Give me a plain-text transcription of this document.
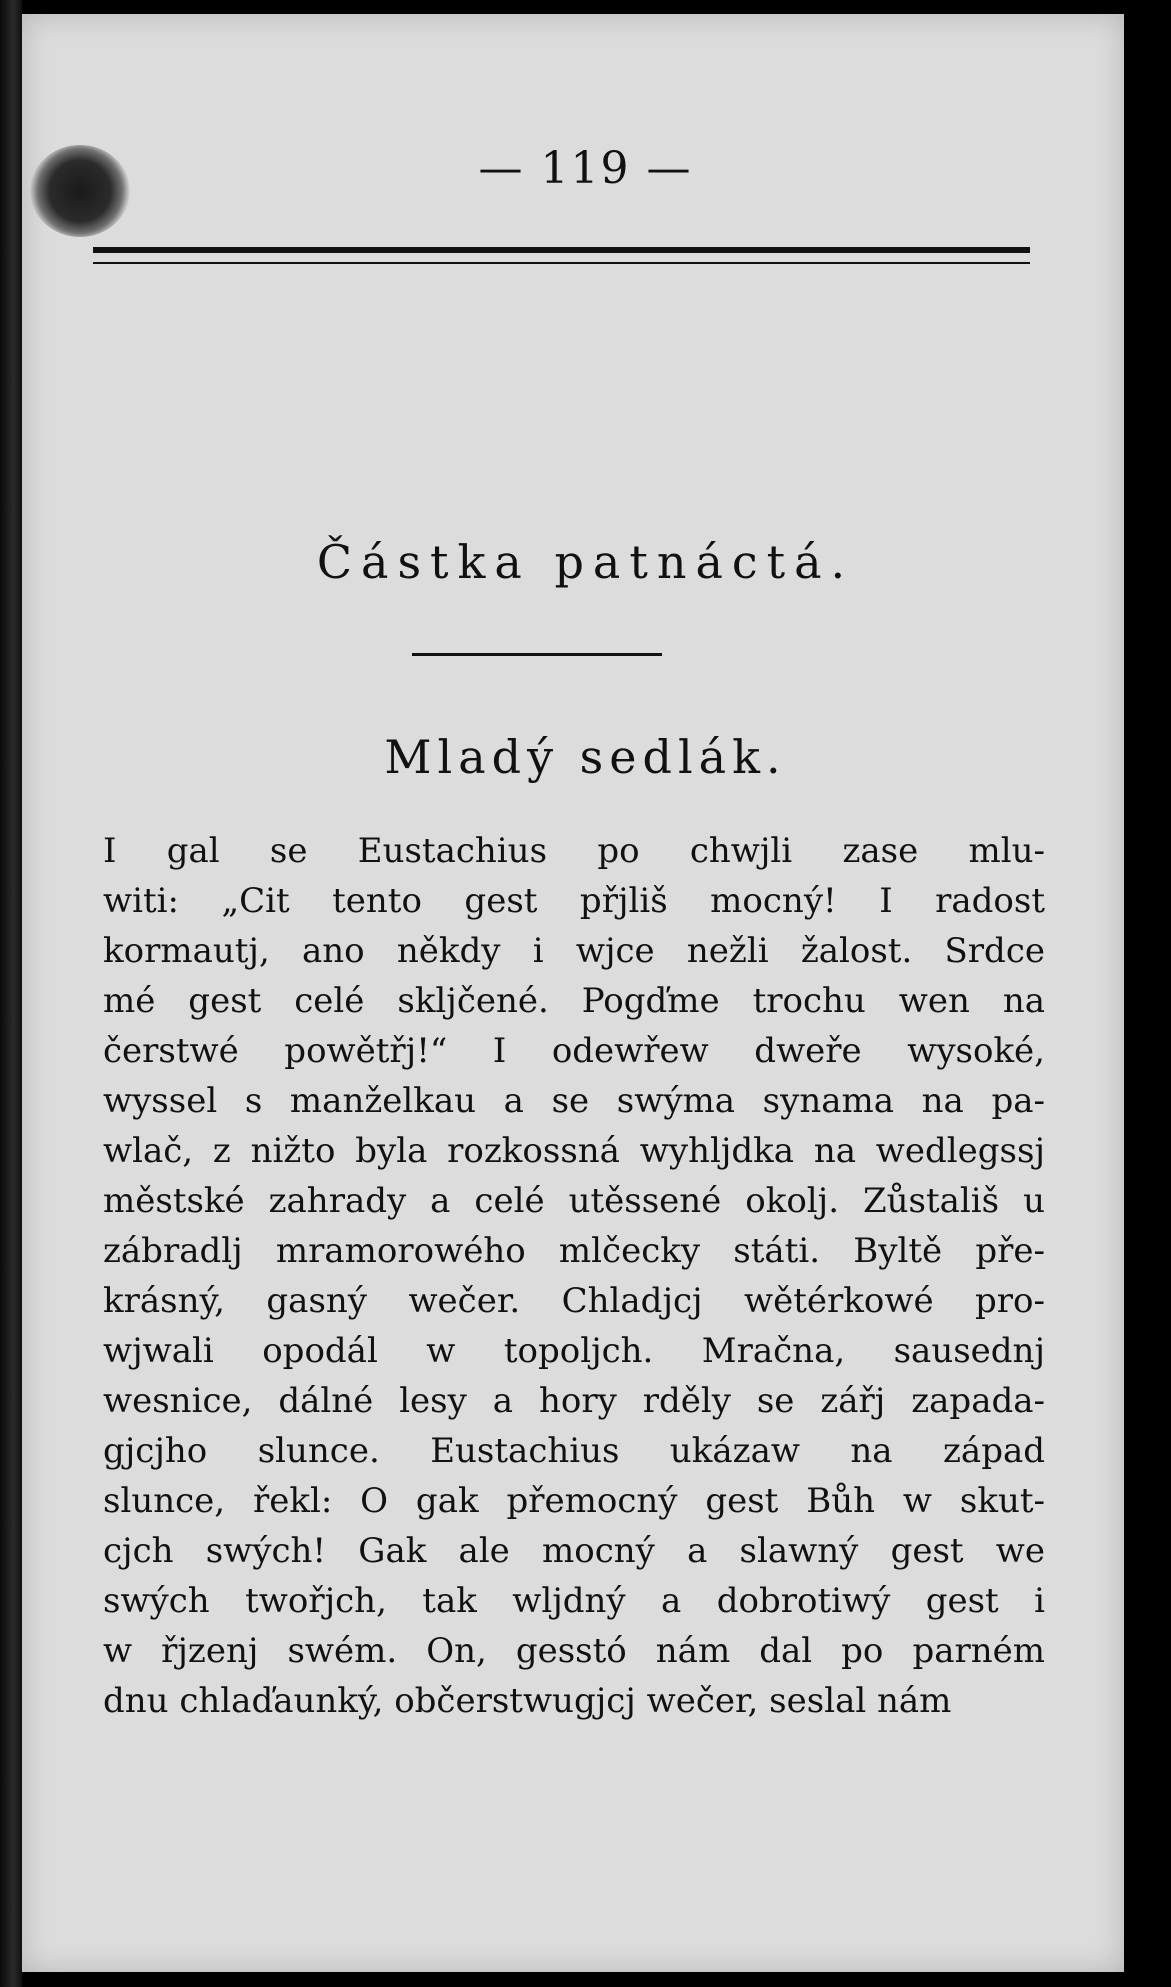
— 119 —
Částka patnáctá.
Mladý sedlák.
I gal se Eustachius po chwjli zase mlu-
witi: „Cit tento gest přjliš mocný! I radost
kormautj, ano někdy i wjce nežli žalost. Srdce
mé gest celé skljčené. Pogďme trochu wen na
čerstwé powětřj!“ I odewřew dweře wysoké,
wyssel s manželkau a se swýma synama na pa-
wlač, z nižto byla rozkossná wyhljdka na wedlegssj
městské zahrady a celé utěssené okolj. Zůstališ u
zábradlj mramorowého mlčecky státi. Byltě pře-
krásný, gasný wečer. Chladjcj wětérkowé pro-
wjwali opodál w topoljch. Mračna, sausednj
wesnice, dálné lesy a hory rděly se zářj zapada-
gjcjho slunce. Eustachius ukázaw na západ
slunce, řekl: O gak přemocný gest Bůh w skut-
cjch swých! Gak ale mocný a slawný gest we
swých twořjch, tak wljdný a dobrotiwý gest i
w řjzenj swém. On, gesstó nám dal po parném
dnu chlaďaunký, občerstwugjcj wečer, seslal nám
